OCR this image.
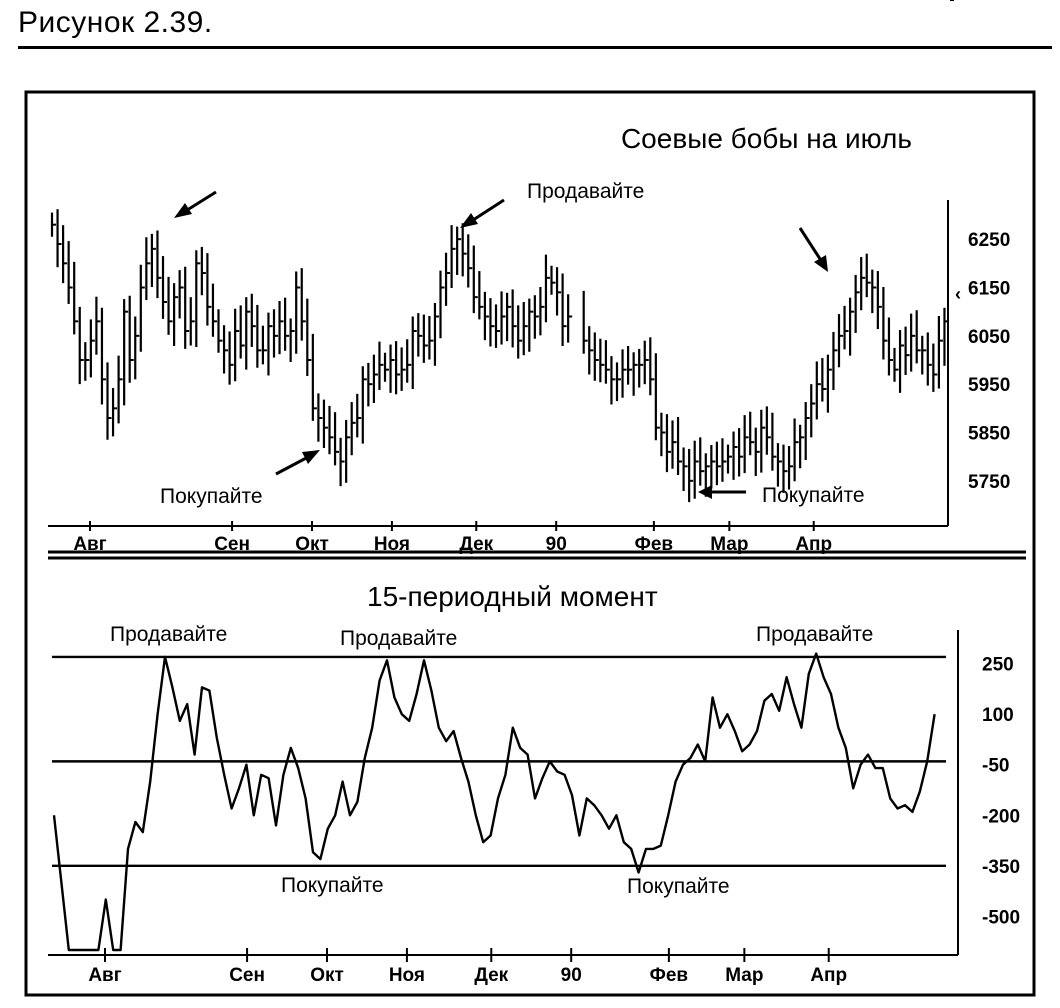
Рисунок 2.39.
Соевые бобы на июль
6250
6150
6050
5950
5850
5750
‹
Авг	Сен Окт Ноя	Дек	90	Фев Мар Апр
Покупайте
Продавайте
Покупайте
15-периодный момент
250
100
-50
-200
-350
-500
Авг	Сен Окт Ноя	Дек	90	Фев Мар Апр
Продавайте	Продавайте	Продавайте
Покупайте	Покупайте
